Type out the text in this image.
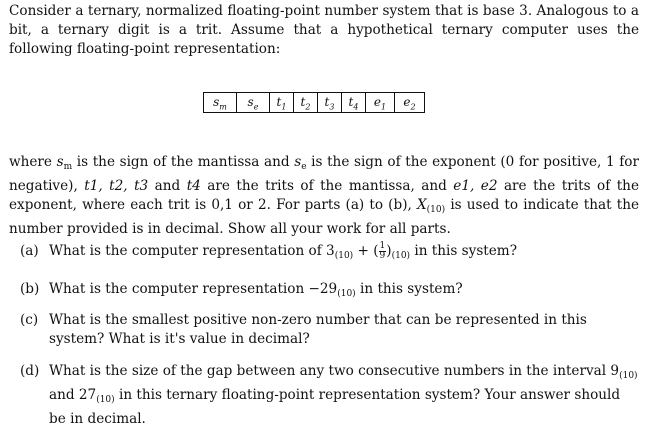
Consider a ternary, normalized floating-point number system that is base 3. Analogous to a bit, a ternary digit is a trit. Assume that a hypothetical ternary computer uses the following floating-point representation:

$s_m$	$s_e$	$t_1$	$t_2$	$t_3$	$t_4$	$e_1$	$e_2$

where $s_m$ is the sign of the mantissa and $s_e$ is the sign of the exponent (0 for positive, 1 for negative), t1, t2, t3 and t4 are the trits of the mantissa, and e1, e2 are the trits of the exponent, where each trit is 0,1 or 2. For parts (a) to (b), $X_{(10)}$ is used to indicate that the number provided is in decimal. Show all your work for all parts.

(a) What is the computer representation of $3_{(10)}$ + ( $\frac{1}{9} )_{(10)}$ in this system?
(b) What is the computer representation $-29_{(10)}$ in this system?
(c) What is the smallest positive non-zero number that can be represented in this system? What is it's value in decimal?
(d) What is the size of the gap between any two consecutive numbers in the interval $9_{(10)}$ and $27_{(10)}$ in this ternary floating-point representation system? Your answer should be in decimal.
